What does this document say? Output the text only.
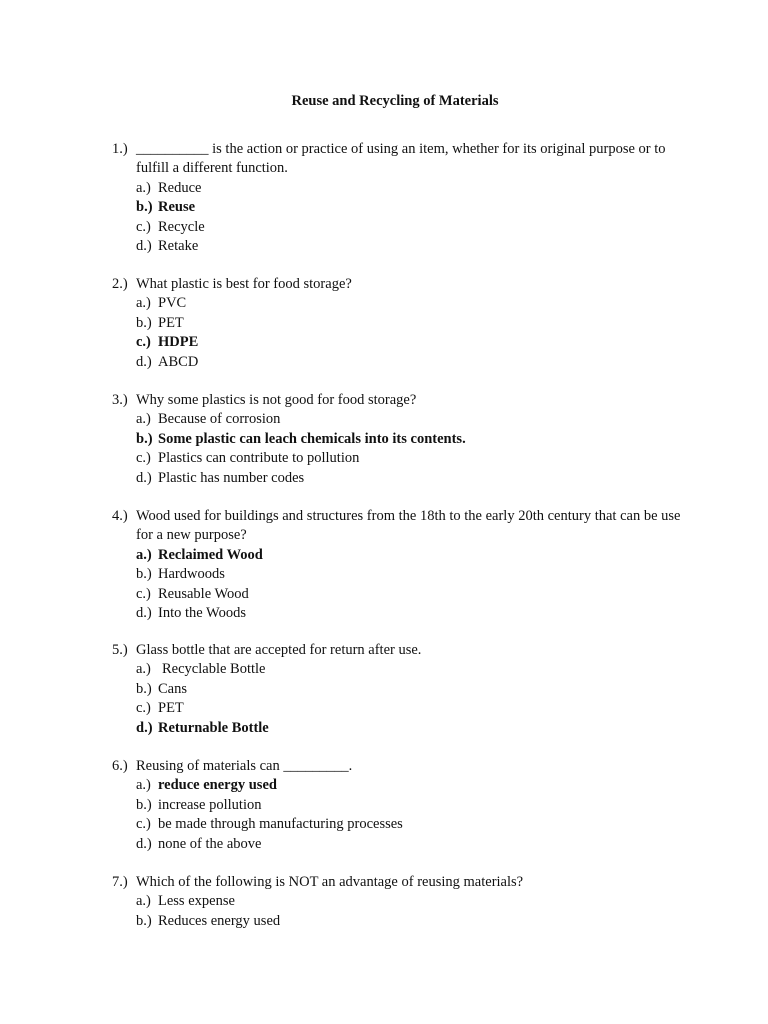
Reuse and Recycling of Materials
1.) __________ is the action or practice of using an item, whether for its original purpose or to fulfill a different function.
a.) Reduce
b.) Reuse
c.) Recycle
d.) Retake
2.) What plastic is best for food storage?
a.) PVC
b.) PET
c.) HDPE
d.) ABCD
3.) Why some plastics is not good for food storage?
a.) Because of corrosion
b.) Some plastic can leach chemicals into its contents.
c.) Plastics can contribute to pollution
d.) Plastic has number codes
4.) Wood used for buildings and structures from the 18th to the early 20th century that can be use for a new purpose?
a.) Reclaimed Wood
b.) Hardwoods
c.) Reusable Wood
d.) Into the Woods
5.) Glass bottle that are accepted for return after use.
a.) Recyclable Bottle
b.) Cans
c.) PET
d.) Returnable Bottle
6.) Reusing of materials can _________.
a.) reduce energy used
b.) increase pollution
c.) be made through manufacturing processes
d.) none of the above
7.) Which of the following is NOT an advantage of reusing materials?
a.) Less expense
b.) Reduces energy used
